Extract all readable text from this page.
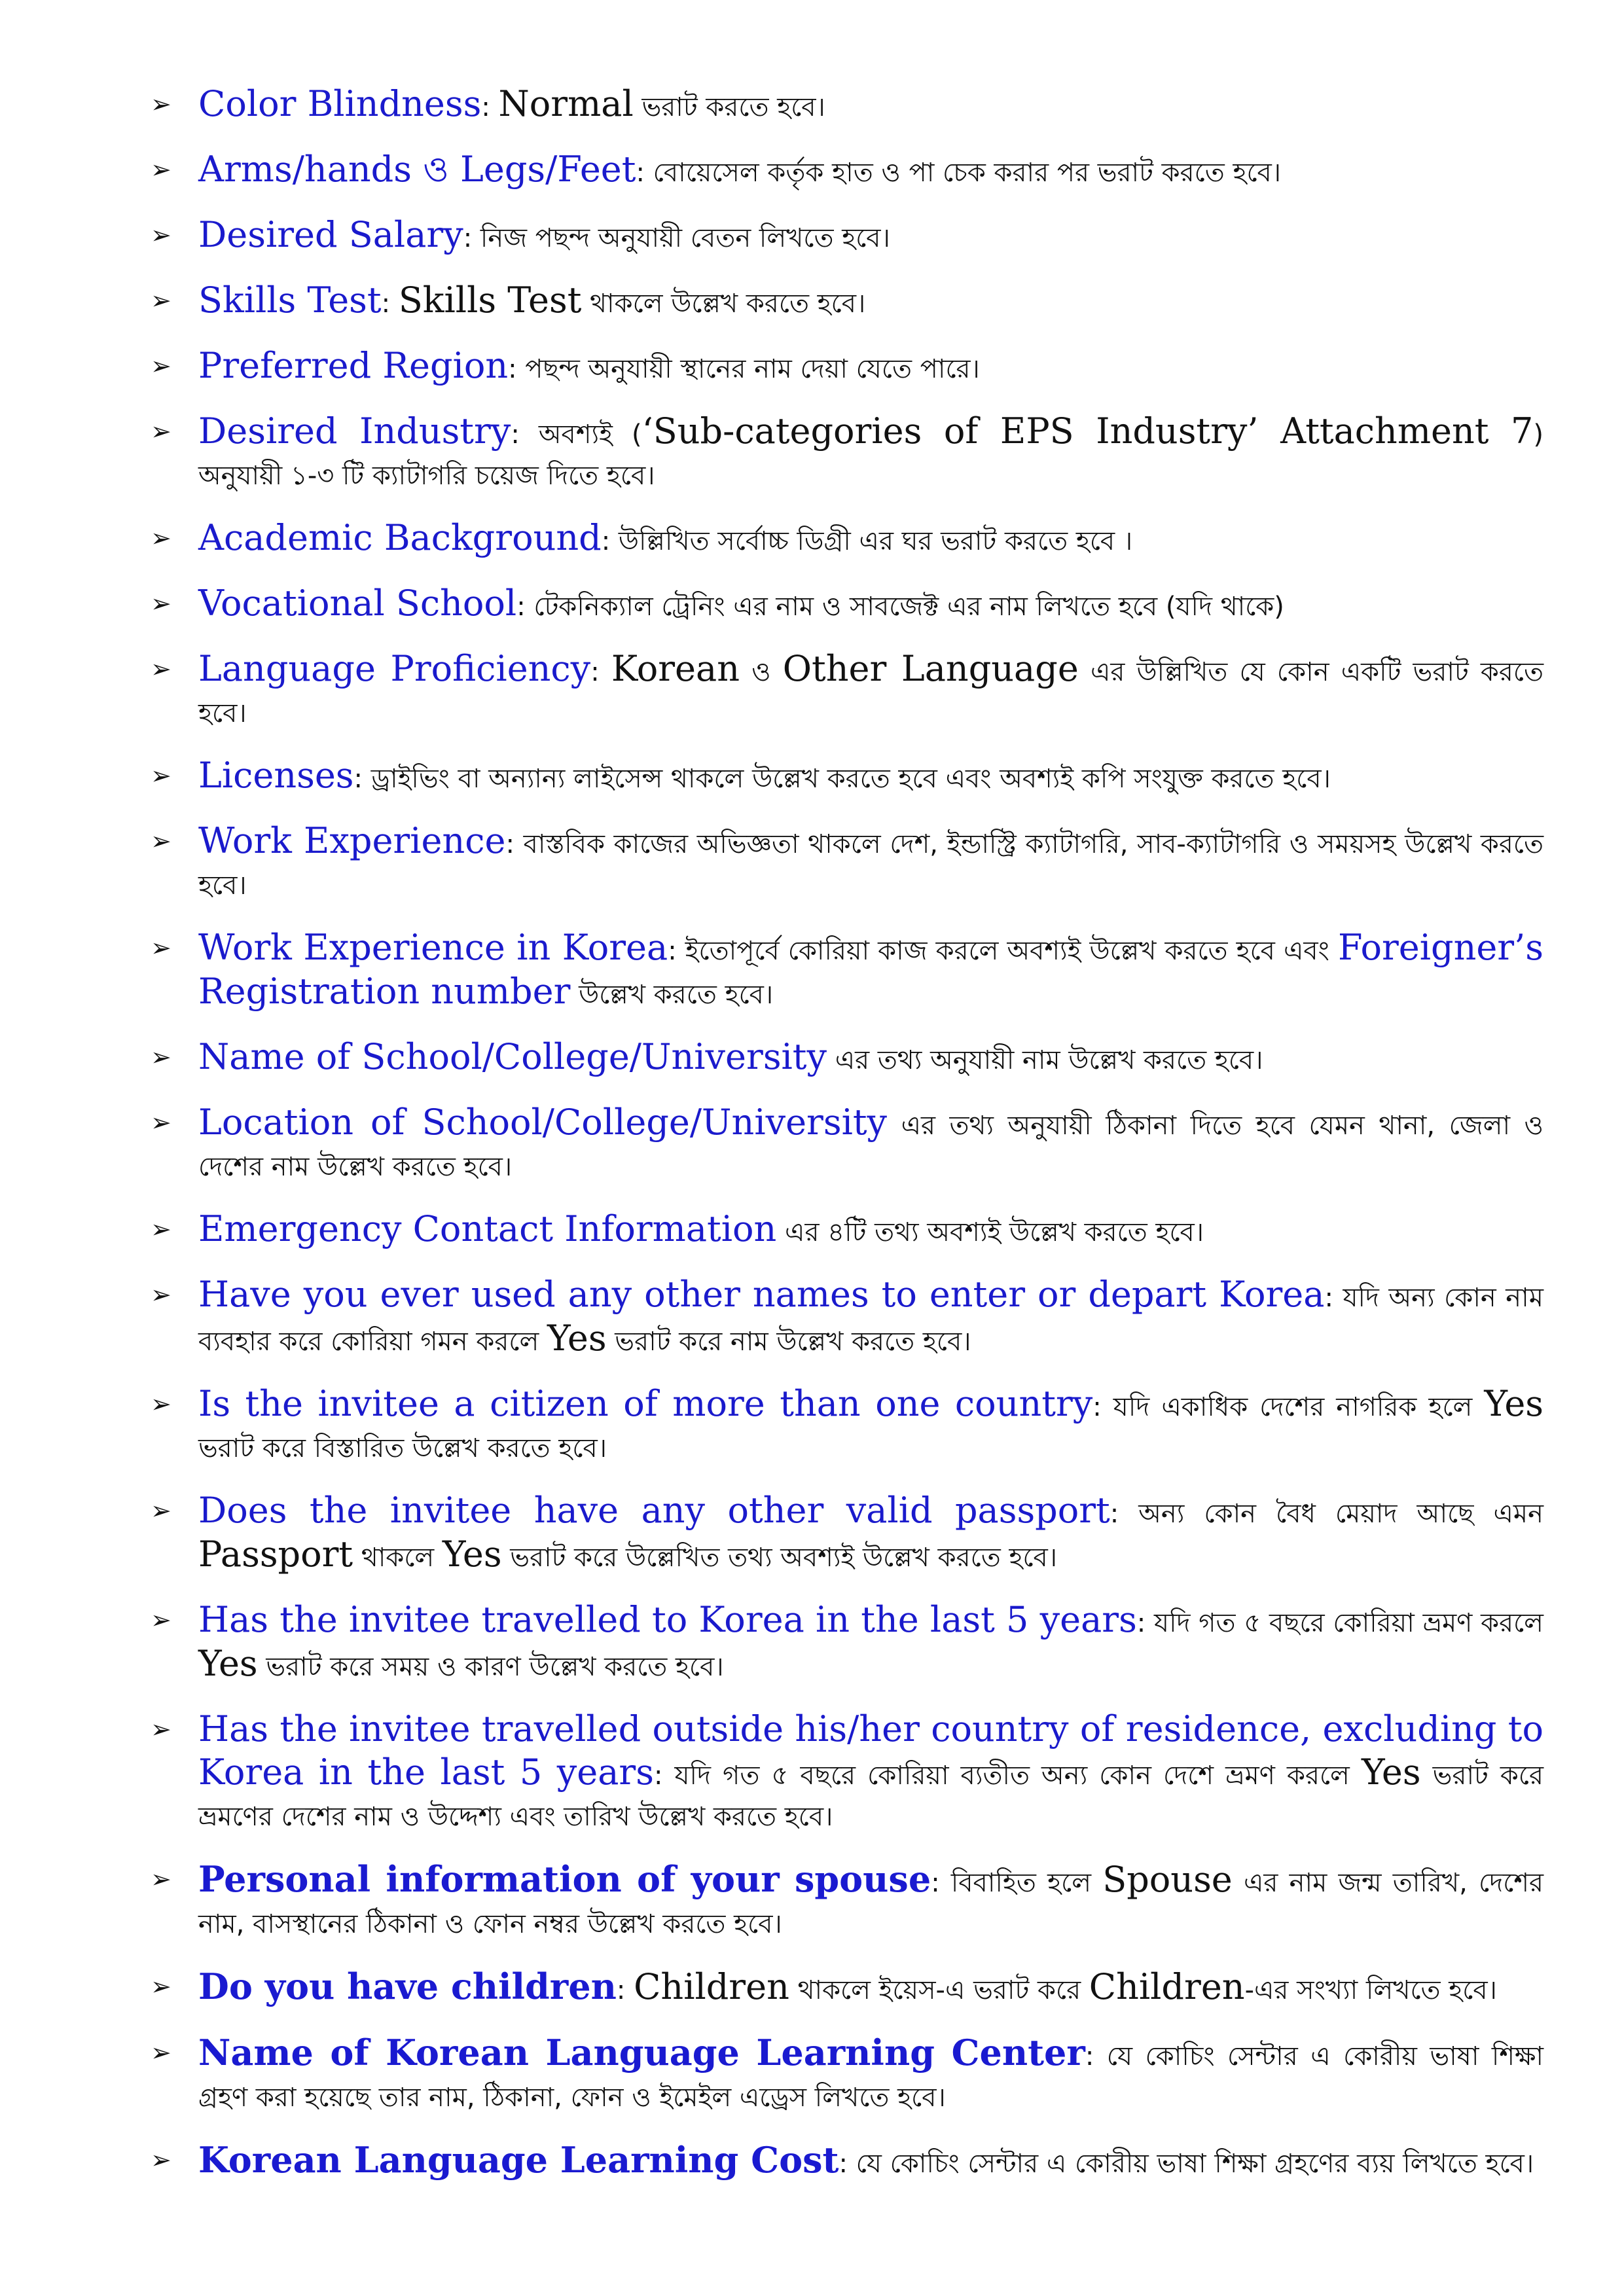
➢ Color Blindness: Normal ভরাট করতে হবে।
➢ Arms/hands ও Legs/Feet: বোয়েসেল কর্তৃক হাত ও পা চেক করার পর ভরাট করতে হবে।
➢ Desired Salary: নিজ পছন্দ অনুযায়ী বেতন লিখতে হবে।
➢ Skills Test: Skills Test থাকলে উল্লেখ করতে হবে।
➢ Preferred Region: পছন্দ অনুযায়ী স্থানের নাম দেয়া যেতে পারে।
➢ Desired Industry: অবশ্যই (‘Sub-categories of EPS Industry’ Attachment 7) অনুযায়ী ১-৩ টি ক্যাটাগরি চয়েজ দিতে হবে।
➢ Academic Background: উল্লিখিত সর্বোচ্চ ডিগ্রী এর ঘর ভরাট করতে হবে ।
➢ Vocational School: টেকনিক্যাল ট্রেনিং এর নাম ও সাবজেক্ট এর নাম লিখতে হবে (যদি থাকে)
➢ Language Proficiency: Korean ও Other Language এর উল্লিখিত যে কোন একটি ভরাট করতে হবে।
➢ Licenses: ড্রাইভিং বা অন্যান্য লাইসেন্স থাকলে উল্লেখ করতে হবে এবং অবশ্যই কপি সংযুক্ত করতে হবে।
➢ Work Experience: বাস্তবিক কাজের অভিজ্ঞতা থাকলে দেশ, ইন্ডাস্ট্রি ক্যাটাগরি, সাব-ক্যাটাগরি ও সময়সহ উল্লেখ করতে হবে।
➢ Work Experience in Korea: ইতোপূর্বে কোরিয়া কাজ করলে অবশ্যই উল্লেখ করতে হবে এবং Foreigner’s Registration number উল্লেখ করতে হবে।
➢ Name of School/College/University এর তথ্য অনুযায়ী নাম উল্লেখ করতে হবে।
➢ Location of School/College/University এর তথ্য অনুযায়ী ঠিকানা দিতে হবে যেমন থানা, জেলা ও দেশের নাম উল্লেখ করতে হবে।
➢ Emergency Contact Information এর ৪টি তথ্য অবশ্যই উল্লেখ করতে হবে।
➢ Have you ever used any other names to enter or depart Korea: যদি অন্য কোন নাম ব্যবহার করে কোরিয়া গমন করলে Yes ভরাট করে নাম উল্লেখ করতে হবে।
➢ Is the invitee a citizen of more than one country: যদি একাধিক দেশের নাগরিক হলে Yes ভরাট করে বিস্তারিত উল্লেখ করতে হবে।
➢ Does the invitee have any other valid passport: অন্য কোন বৈধ মেয়াদ আছে এমন Passport থাকলে Yes ভরাট করে উল্লেখিত তথ্য অবশ্যই উল্লেখ করতে হবে।
➢ Has the invitee travelled to Korea in the last 5 years: যদি গত ৫ বছরে কোরিয়া ভ্রমণ করলে Yes ভরাট করে সময় ও কারণ উল্লেখ করতে হবে।
➢ Has the invitee travelled outside his/her country of residence, excluding to Korea in the last 5 years: যদি গত ৫ বছরে কোরিয়া ব্যতীত অন্য কোন দেশে ভ্রমণ করলে Yes ভরাট করে ভ্রমণের দেশের নাম ও উদ্দেশ্য এবং তারিখ উল্লেখ করতে হবে।
➢ Personal information of your spouse: বিবাহিত হলে Spouse এর নাম জন্ম তারিখ, দেশের নাম, বাসস্থানের ঠিকানা ও ফোন নম্বর উল্লেখ করতে হবে।
➢ Do you have children: Children থাকলে ইয়েস-এ ভরাট করে Children-এর সংখ্যা লিখতে হবে।
➢ Name of Korean Language Learning Center: যে কোচিং সেন্টার এ কোরীয় ভাষা শিক্ষা গ্রহণ করা হয়েছে তার নাম, ঠিকানা, ফোন ও ইমেইল এড্রেস লিখতে হবে।
➢ Korean Language Learning Cost: যে কোচিং সেন্টার এ কোরীয় ভাষা শিক্ষা গ্রহণের ব্যয় লিখতে হবে।
